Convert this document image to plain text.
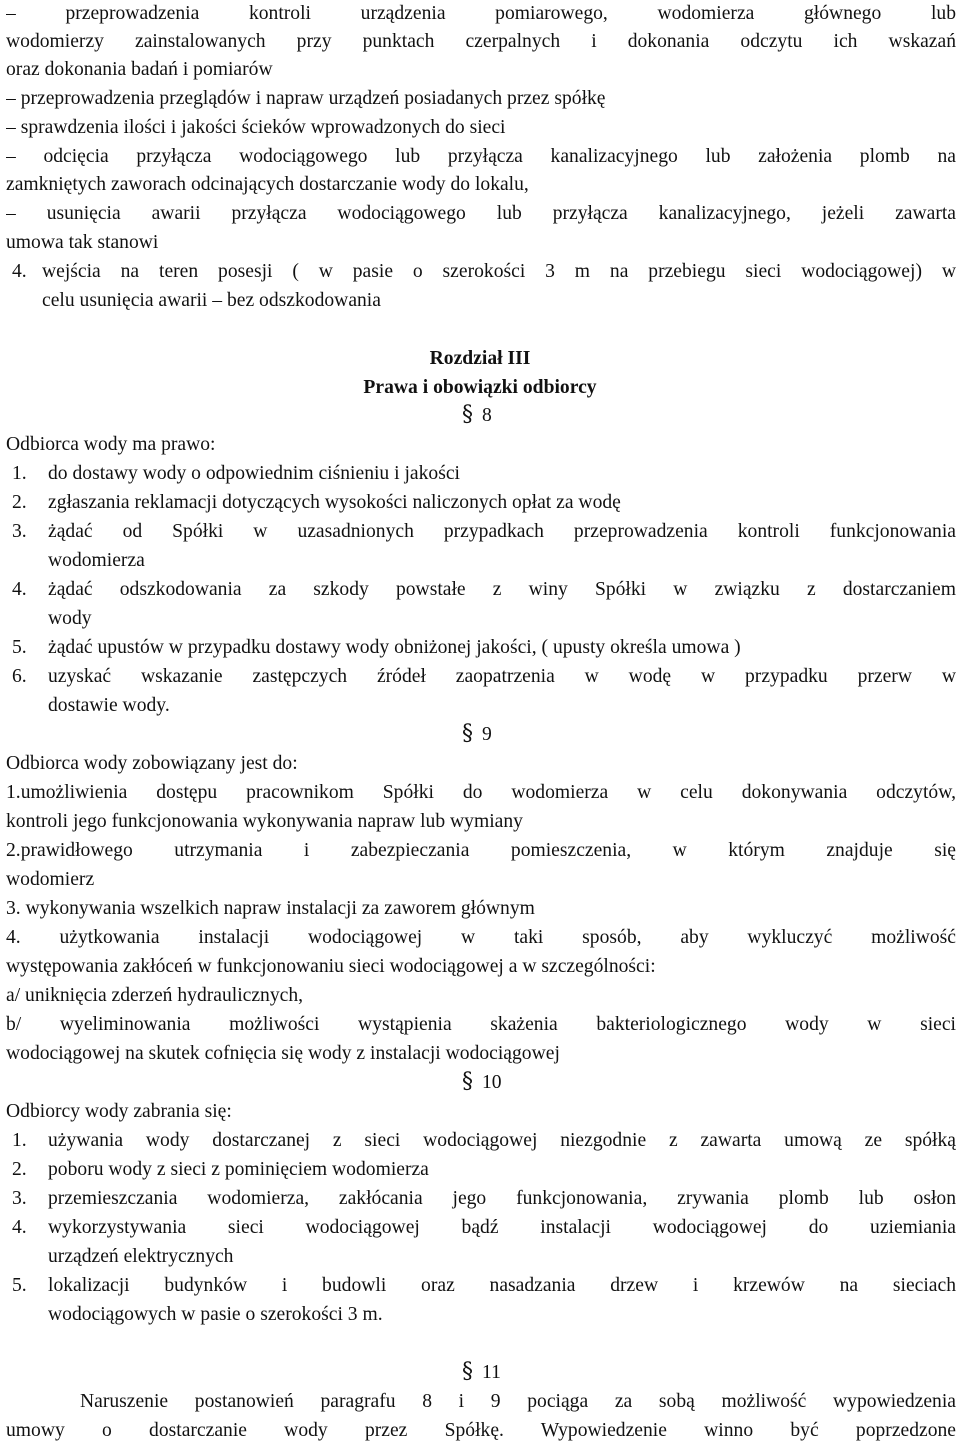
– przeprowadzenia kontroli urządzenia pomiarowego, wodomierza głównego lub
wodomierzy zainstalowanych przy punktach czerpalnych i dokonania odczytu ich wskazań
oraz dokonania badań i pomiarów
– przeprowadzenia przeglądów i napraw urządzeń posiadanych przez spółkę
– sprawdzenia ilości i jakości ścieków wprowadzonych do sieci
– odcięcia przyłącza wodociągowego lub przyłącza kanalizacyjnego lub założenia plomb na
zamkniętych zaworach odcinających dostarczanie wody do lokalu,
– usunięcia awarii przyłącza wodociągowego lub przyłącza kanalizacyjnego, jeżeli zawarta
umowa tak stanowi
4. wejścia na teren posesji ( w pasie o szerokości 3 m na przebiegu sieci wodociągowej) w
celu usunięcia awarii – bez odszkodowania
Rozdział III
Prawa i obowiązki odbiorcy
§ 8
Odbiorca wody ma prawo:
1. do dostawy wody o odpowiednim ciśnieniu i jakości
2. zgłaszania reklamacji dotyczących wysokości naliczonych opłat za wodę
3. żądać od Spółki w uzasadnionych przypadkach przeprowadzenia kontroli funkcjonowania
wodomierza
4. żądać odszkodowania za szkody powstałe z winy Spółki w związku z dostarczaniem
wody
5. żądać upustów w przypadku dostawy wody obniżonej jakości, ( upusty określa umowa )
6. uzyskać wskazanie zastępczych źródeł zaopatrzenia w wodę w przypadku przerw w
dostawie wody.
§ 9
Odbiorca wody zobowiązany jest do:
1.umożliwienia dostępu pracownikom Spółki do wodomierza w celu dokonywania odczytów,
kontroli jego funkcjonowania wykonywania napraw lub wymiany
2.prawidłowego utrzymania i zabezpieczania pomieszczenia, w którym znajduje się
wodomierz
3. wykonywania wszelkich napraw instalacji za zaworem głównym
4. użytkowania instalacji wodociągowej w taki sposób, aby wykluczyć możliwość
występowania zakłóceń w funkcjonowaniu sieci wodociągowej a w szczególności:
a/ uniknięcia zderzeń hydraulicznych,
b/ wyeliminowania możliwości wystąpienia skażenia bakteriologicznego wody w sieci
wodociągowej na skutek cofnięcia się wody z instalacji wodociągowej
§ 10
Odbiorcy wody zabrania się:
1. używania wody dostarczanej z sieci wodociągowej niezgodnie z zawarta umową ze spółką
2. poboru wody z sieci z pominięciem wodomierza
3. przemieszczania wodomierza, zakłócania jego funkcjonowania, zrywania plomb lub osłon
4. wykorzystywania sieci wodociągowej bądź instalacji wodociągowej do uziemiania
urządzeń elektrycznych
5. lokalizacji budynków i budowli oraz nasadzania drzew i krzewów na sieciach
wodociągowych w pasie o szerokości 3 m.
§ 11
Naruszenie postanowień paragrafu 8 i 9 pociąga za sobą możliwość wypowiedzenia
umowy o dostarczanie wody przez Spółkę. Wypowiedzenie winno być poprzedzone
